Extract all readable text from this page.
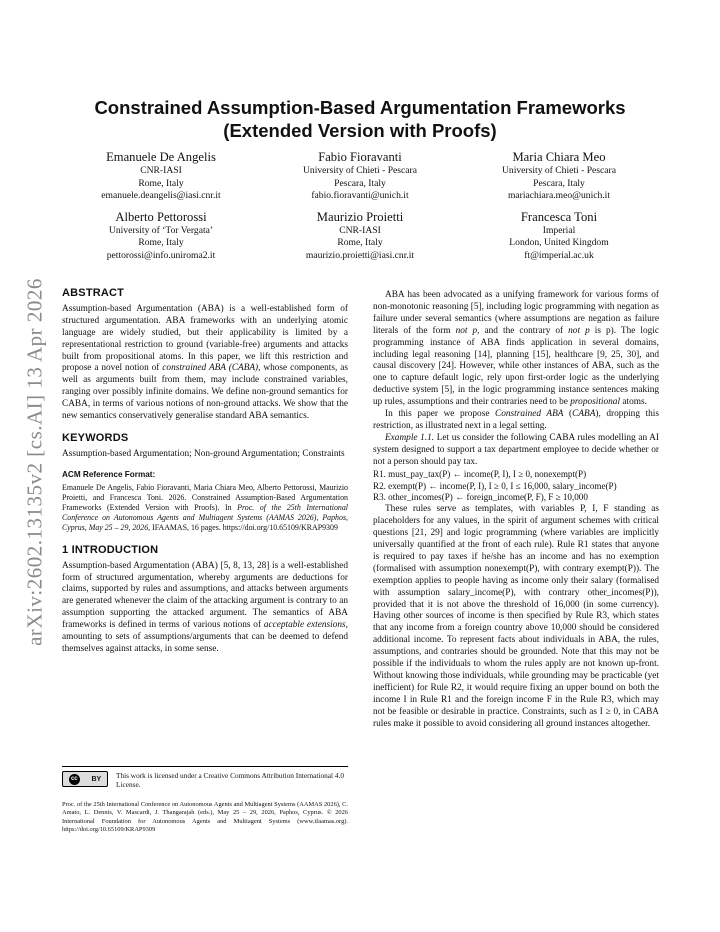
arXiv:2602.13135v2 [cs.AI] 13 Apr 2026
Constrained Assumption-Based Argumentation Frameworks
(Extended Version with Proofs)
Emanuele De Angelis
CNR-IASI
Rome, Italy
emanuele.deangelis@iasi.cnr.it
Fabio Fioravanti
University of Chieti - Pescara
Pescara, Italy
fabio.fioravanti@unich.it
Maria Chiara Meo
University of Chieti - Pescara
Pescara, Italy
mariachiara.meo@unich.it
Alberto Pettorossi
University of ‘Tor Vergata’
Rome, Italy
pettorossi@info.uniroma2.it
Maurizio Proietti
CNR-IASI
Rome, Italy
maurizio.proietti@iasi.cnr.it
Francesca Toni
Imperial
London, United Kingdom
ft@imperial.ac.uk
ABSTRACT

Assumption-based Argumentation (ABA) is a well-established form of structured argumentation. ABA frameworks with an underlying atomic language are widely studied, but their applicability is limited by a representational restriction to ground (variable-free) arguments and attacks built from propositional atoms. In this paper, we lift this restriction and propose a novel notion of constrained ABA (CABA), whose components, as well as arguments built from them, may include constrained variables, ranging over possibly infinite domains. We define non-ground semantics for CABA, in terms of various notions of non-ground attacks. We show that the new semantics conservatively generalise standard ABA semantics.

KEYWORDS

Assumption-based Argumentation; Non-ground Argumentation; Constraints

ACM Reference Format:

Emanuele De Angelis, Fabio Fioravanti, Maria Chiara Meo, Alberto Pettorossi, Maurizio Proietti, and Francesca Toni. 2026. Constrained Assumption-Based Argumentation Frameworks (Extended Version with Proofs). In Proc. of the 25th International Conference on Autonomous Agents and Multiagent Systems (AAMAS 2026), Paphos, Cyprus, May 25 – 29, 2026, IFAAMAS, 16 pages. https://doi.org/10.65109/KRAP9309

1 INTRODUCTION

Assumption-based Argumentation (ABA) [5, 8, 13, 28] is a well-established form of structured argumentation, whereby arguments are deductions for claims, supported by rules and assumptions, and attacks between arguments are generated whenever the claim of the attacking argument is contrary to an assumption supporting the attacked argument. The semantics of ABA frameworks is defined in terms of various notions of acceptable extensions, amounting to sets of assumptions/arguments that can be deemed to defend themselves against attacks, in some sense.

cc	BY This work is licensed under a Creative Commons Attribution International 4.0 License.
Proc. of the 25th International Conference on Autonomous Agents and Multiagent Systems (AAMAS 2026), C. Amato, L. Dennis, V. Mascardi, J. Thangarajah (eds.), May 25 – 29, 2026, Paphos, Cyprus. © 2026 International Foundation for Autonomous Agents and Multiagent Systems (www.ifaamas.org). https://doi.org/10.65109/KRAP9309

ABA has been advocated as a unifying framework for various forms of non-monotonic reasoning [5], including logic programming with negation as failure under several semantics (where assumptions are negation as failure literals of the form not p, and the contrary of not p is p). The logic programming instance of ABA finds application in several domains, including legal reasoning [14], planning [15], healthcare [9, 25, 30], and causal discovery [24]. However, while other instances of ABA, such as the one to capture default logic, rely upon first-order logic as the underlying deductive system [5], in the logic programming instance sentences making up rules, assumptions and their contraries need to be propositional atoms.

In this paper we propose Constrained ABA (CABA), dropping this restriction, as illustrated next in a legal setting.

Example 1.1. Let us consider the following CABA rules modelling an AI system designed to support a tax department employee to decide whether or not a person should pay tax.

R1. must_pay_tax(P) ← income(P, I), I ≥ 0, nonexempt(P)
R2. exempt(P) ← income(P, I), I ≥ 0, I ≤ 16,000, salary_income(P)
R3. other_incomes(P) ← foreign_income(P, F), F ≥ 10,000

These rules serve as templates, with variables P, I, F standing as placeholders for any values, in the spirit of argument schemes with critical questions [21, 29] and logic programming (where variables are implicitly universally quantified at the front of each rule). Rule R1 states that anyone is required to pay taxes if he/she has an income and has no exemption (formalised with assumption nonexempt(P), with contrary exempt(P)). The exemption applies to people having as income only their salary (formalised with assumption salary_income(P), with contrary other_incomes(P)), provided that it is not above the threshold of 16,000 (in some currency). Having other sources of income is then specified by Rule R3, which states that any income from a foreign country above 10,000 should be considered additional income. To represent facts about individuals in ABA, the rules, assumptions, and contraries should be grounded. Note that this may not be possible if the individuals to whom the rules apply are not known up-front. Without knowing those individuals, while grounding may be practicable (yet inefficient) for Rule R2, it would require fixing an upper bound on both the income I in Rule R1 and the foreign income F in the Rule R3, which may not be feasible or desirable in practice. Constraints, such as I ≥ 0, in CABA rules make it possible to avoid considering all ground instances altogether.
